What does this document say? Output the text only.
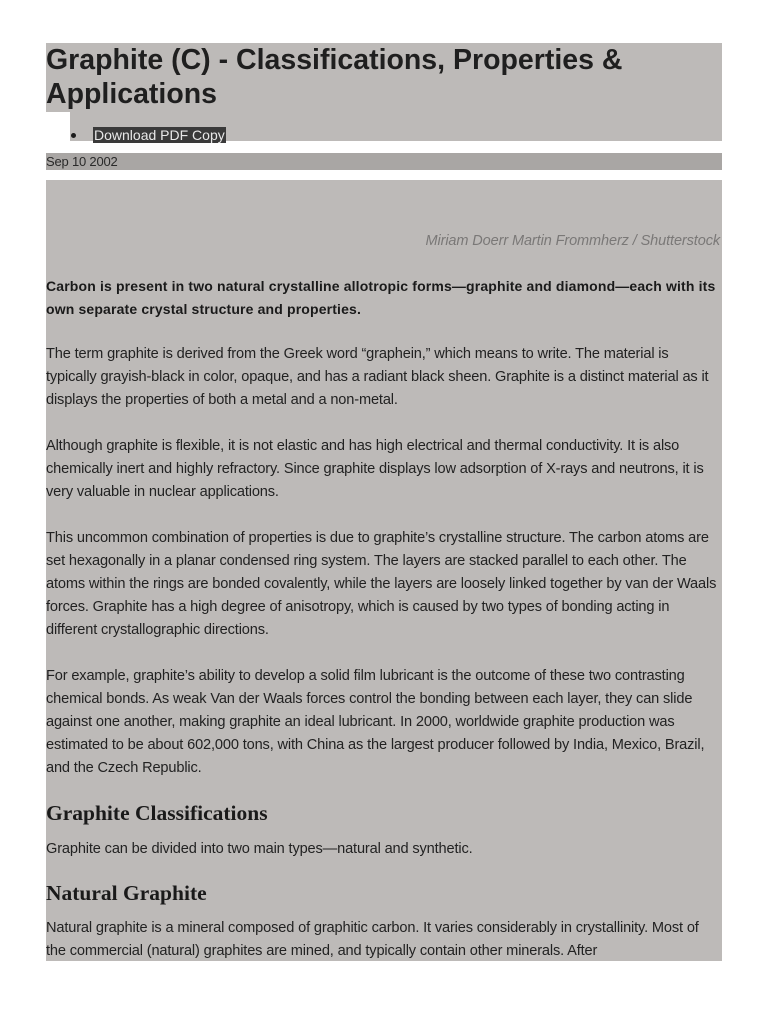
Graphite (C) - Classifications, Properties & Applications
Download PDF Copy
Sep 10 2002
Miriam Doerr Martin Frommherz / Shutterstock

Carbon is present in two natural crystalline allotropic forms—graphite and diamond—each with its own separate crystal structure and properties.

The term graphite is derived from the Greek word “graphein,” which means to write. The material is typically grayish-black in color, opaque, and has a radiant black sheen. Graphite is a distinct material as it displays the properties of both a metal and a non-metal.

Although graphite is flexible, it is not elastic and has high electrical and thermal conductivity. It is also chemically inert and highly refractory. Since graphite displays low adsorption of X-rays and neutrons, it is very valuable in nuclear applications.

This uncommon combination of properties is due to graphite’s crystalline structure. The carbon atoms are set hexagonally in a planar condensed ring system. The layers are stacked parallel to each other. The atoms within the rings are bonded covalently, while the layers are loosely linked together by van der Waals forces. Graphite has a high degree of anisotropy, which is caused by two types of bonding acting in different crystallographic directions.

For example, graphite’s ability to develop a solid film lubricant is the outcome of these two contrasting chemical bonds. As weak Van der Waals forces control the bonding between each layer, they can slide against one another, making graphite an ideal lubricant. In 2000, worldwide graphite production was estimated to be about 602,000 tons, with China as the largest producer followed by India, Mexico, Brazil, and the Czech Republic.

Graphite Classifications

Graphite can be divided into two main types—natural and synthetic.

Natural Graphite

Natural graphite is a mineral composed of graphitic carbon. It varies considerably in crystallinity. Most of the commercial (natural) graphites are mined, and typically contain other minerals. After
